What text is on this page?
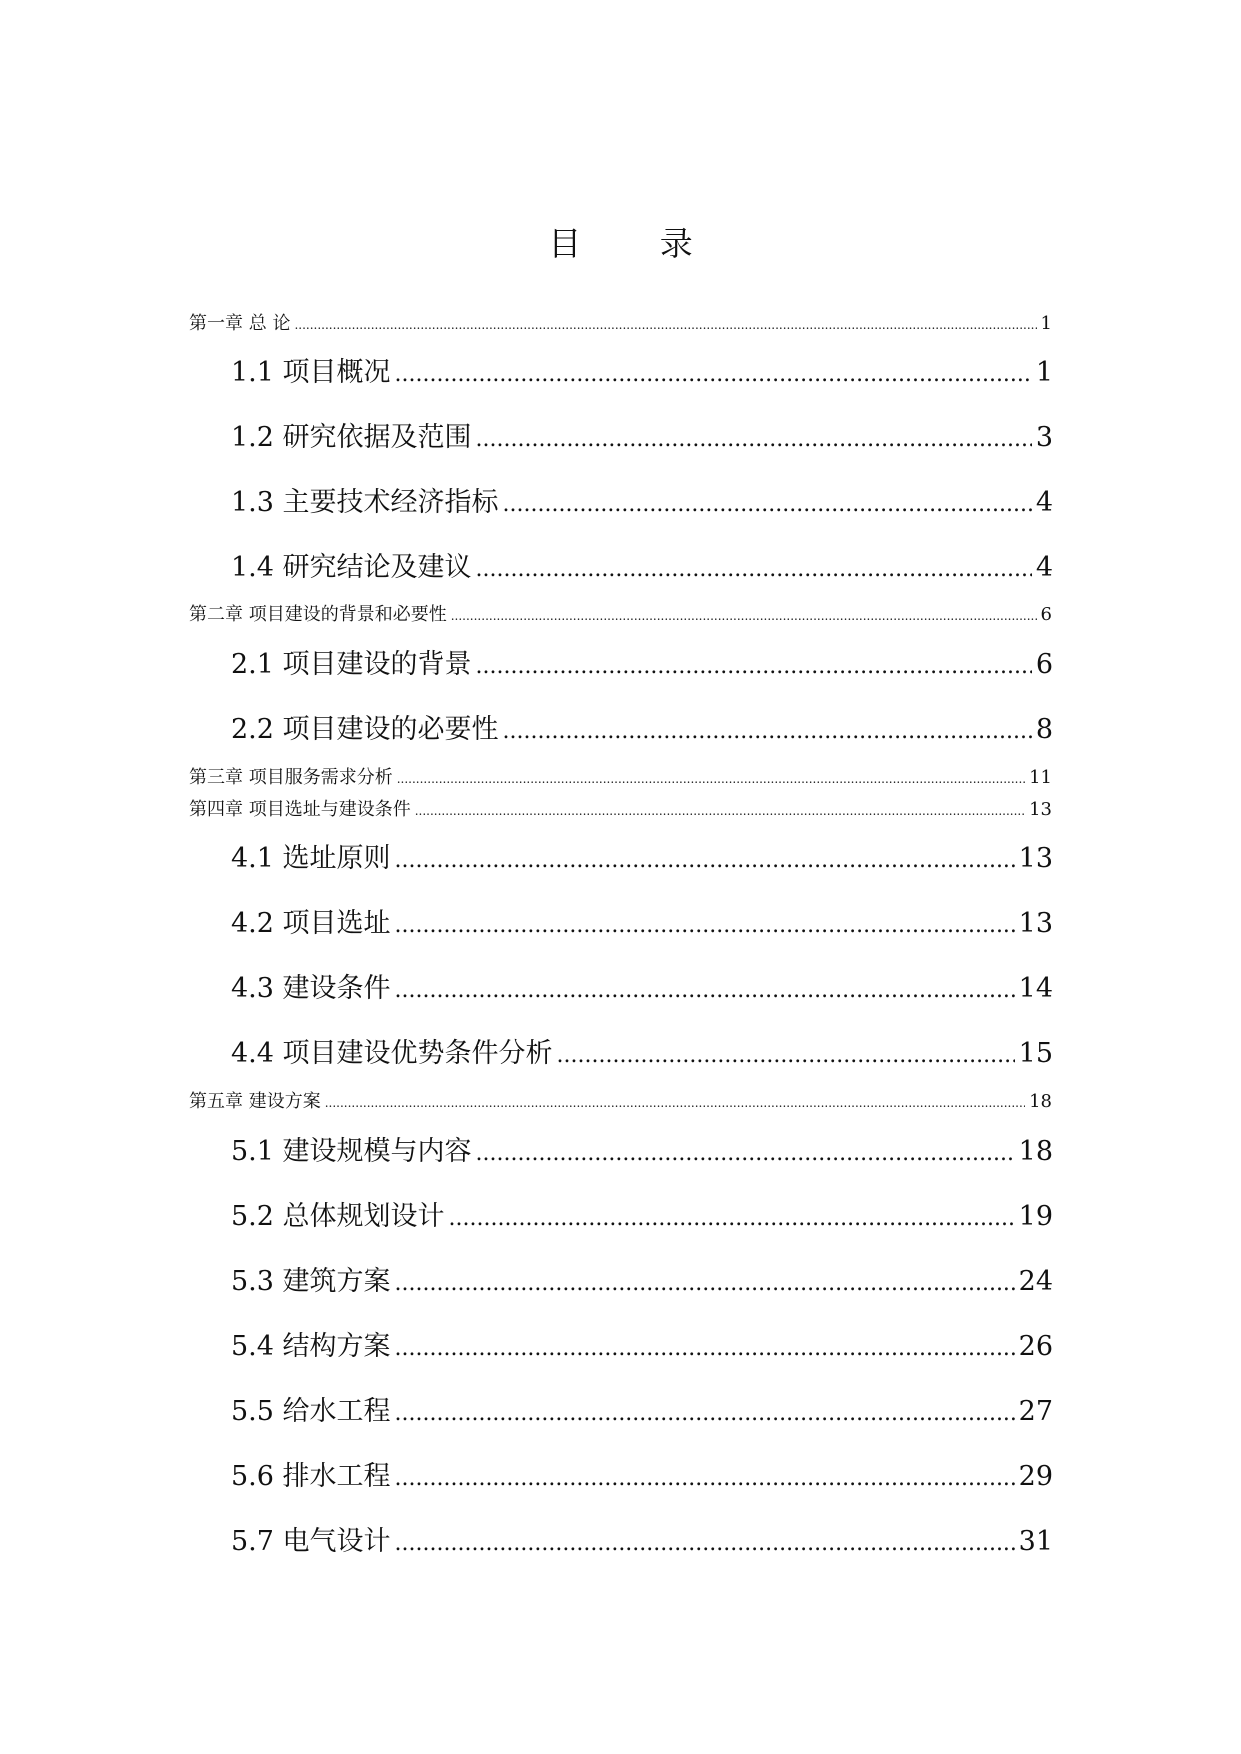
目 录
第一章 总 论 .....	1
1.1 项目概况 .....	1
1.2 研究依据及范围 .....	3
1.3 主要技术经济指标 .....	4
1.4 研究结论及建议 .....	4
第二章 项目建设的背景和必要性 .....	6
2.1 项目建设的背景 .....	6
2.2 项目建设的必要性 .....	8
第三章 项目服务需求分析 .....	11
第四章 项目选址与建设条件 .....	13
4.1 选址原则 .....	13
4.2 项目选址 .....	13
4.3 建设条件 .....	14
4.4 项目建设优势条件分析 .....	15
第五章 建设方案 .....	18
5.1 建设规模与内容 .....	18
5.2 总体规划设计 .....	19
5.3 建筑方案 .....	24
5.4 结构方案 .....	26
5.5 给水工程 .....	27
5.6 排水工程 .....	29
5.7 电气设计 .....	31
